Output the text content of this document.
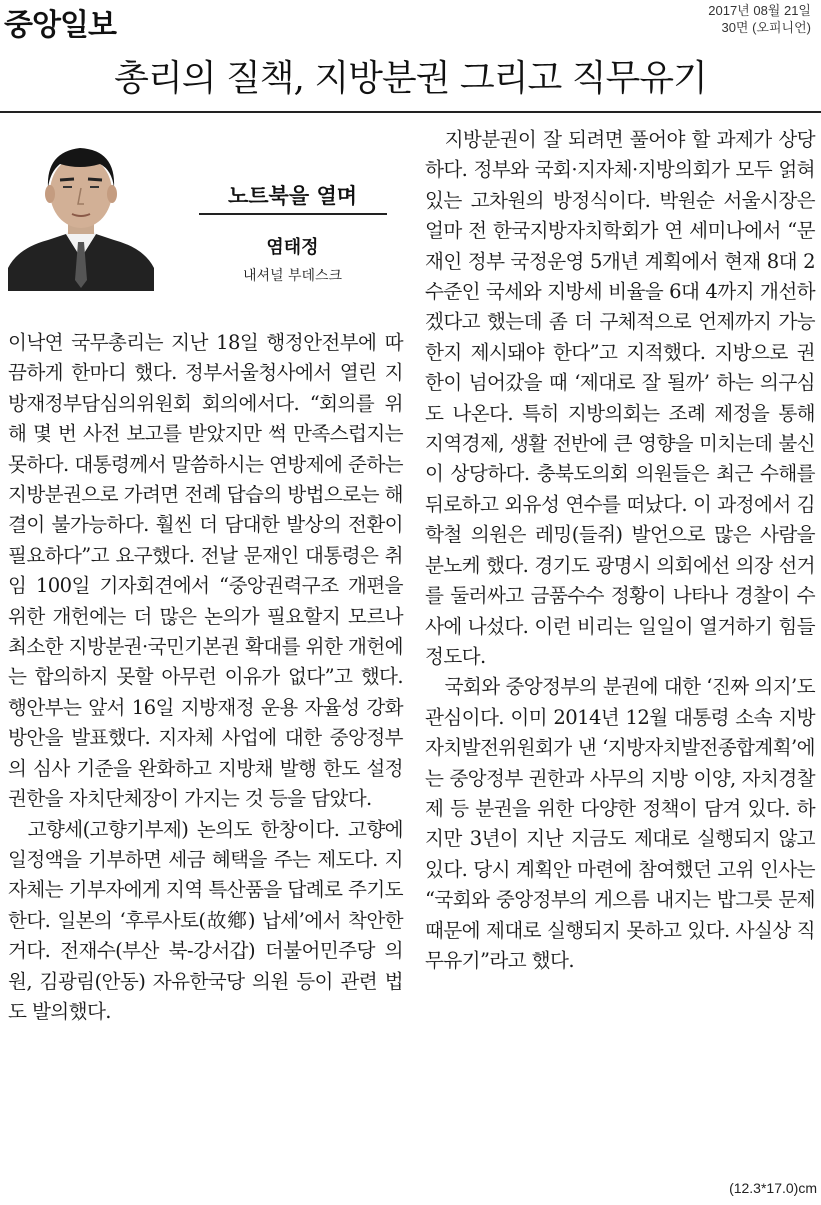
중앙일보	2017년 08월 21일
30면 (오피니언)
총리의 질책, 지방분권 그리고 직무유기
노트북을 열며
염태정
내셔널 부데스크

이낙연 국무총리는 지난 18일 행정안전부에 따끔하게 한마디 했다. 정부서울청사에서 열린 지방재정부담심의위원회 회의에서다. “회의를 위해 몇 번 사전 보고를 받았지만 썩 만족스럽지는 못하다. 대통령께서 말씀하시는 연방제에 준하는 지방분권으로 가려면 전례 답습의 방법으로는 해결이 불가능하다. 훨씬 더 담대한 발상의 전환이 필요하다”고 요구했다. 전날 문재인 대통령은 취임 100일 기자회견에서 “중앙권력구조 개편을 위한 개헌에는 더 많은 논의가 필요할지 모르나 최소한 지방분권·국민기본권 확대를 위한 개헌에는 합의하지 못할 아무런 이유가 없다”고 했다. 행안부는 앞서 16일 지방재정 운용 자율성 강화 방안을 발표했다. 지자체 사업에 대한 중앙정부의 심사 기준을 완화하고 지방채 발행 한도 설정 권한을 자치단체장이 가지는 것 등을 담았다.

고향세(고향기부제) 논의도 한창이다. 고향에 일정액을 기부하면 세금 혜택을 주는 제도다. 지자체는 기부자에게 지역 특산품을 답례로 주기도 한다. 일본의 ‘후루사토(故鄕) 납세’에서 착안한 거다. 전재수(부산 북-강서갑) 더불어민주당 의원, 김광림(안동) 자유한국당 의원 등이 관련 법도 발의했다.

지방분권이 잘 되려면 풀어야 할 과제가 상당하다. 정부와 국회·지자체·지방의회가 모두 얽혀 있는 고차원의 방정식이다. 박원순 서울시장은 얼마 전 한국지방자치학회가 연 세미나에서 “문재인 정부 국정운영 5개년 계획에서 현재 8대 2 수준인 국세와 지방세 비율을 6대 4까지 개선하겠다고 했는데 좀 더 구체적으로 언제까지 가능한지 제시돼야 한다”고 지적했다. 지방으로 권한이 넘어갔을 때 ‘제대로 잘 될까’ 하는 의구심도 나온다. 특히 지방의회는 조례 제정을 통해 지역경제, 생활 전반에 큰 영향을 미치는데 불신이 상당하다. 충북도의회 의원들은 최근 수해를 뒤로하고 외유성 연수를 떠났다. 이 과정에서 김학철 의원은 레밍(들쥐) 발언으로 많은 사람을 분노케 했다. 경기도 광명시 의회에선 의장 선거를 둘러싸고 금품수수 정황이 나타나 경찰이 수사에 나섰다. 이런 비리는 일일이 열거하기 힘들 정도다.

국회와 중앙정부의 분권에 대한 ‘진짜 의지’도 관심이다. 이미 2014년 12월 대통령 소속 지방자치발전위원회가 낸 ‘지방자치발전종합계획’에는 중앙정부 권한과 사무의 지방 이양, 자치경찰제 등 분권을 위한 다양한 정책이 담겨 있다. 하지만 3년이 지난 지금도 제대로 실행되지 않고 있다. 당시 계획안 마련에 참여했던 고위 인사는 “국회와 중앙정부의 게으름 내지는 밥그릇 문제 때문에 제대로 실행되지 못하고 있다. 사실상 직무유기”라고 했다.

(12.3*17.0)cm
